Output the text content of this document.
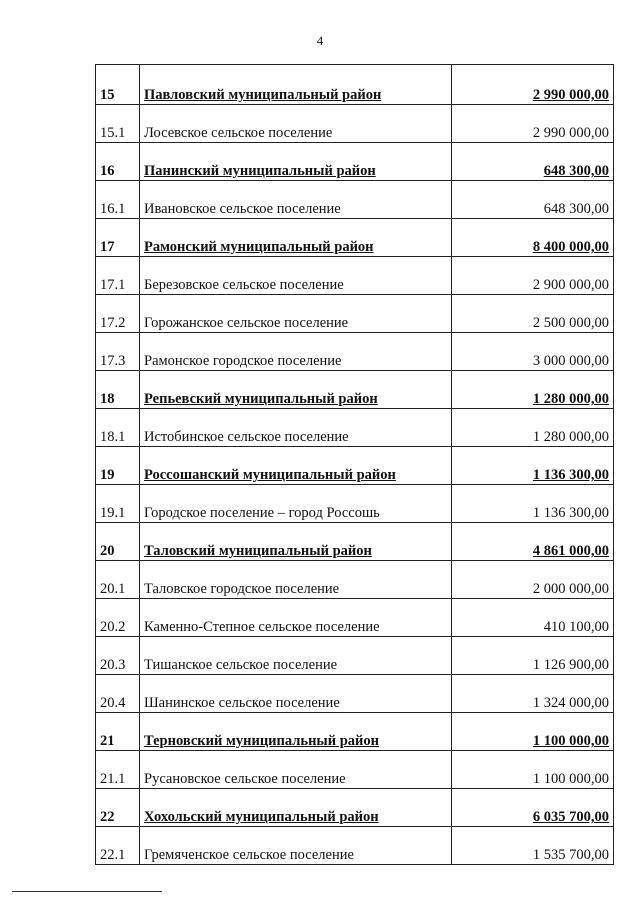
4
15	Павловский муниципальный район	2 990 000,00
15.1	Лосевское сельское поселение	2 990 000,00
16	Панинский муниципальный район	648 300,00
16.1	Ивановское сельское поселение	648 300,00
17	Рамонский муниципальный район	8 400 000,00
17.1	Березовское сельское поселение	2 900 000,00
17.2	Горожанское сельское поселение	2 500 000,00
17.3	Рамонское городское поселение	3 000 000,00
18	Репьевский муниципальный район	1 280 000,00
18.1	Истобинское сельское поселение	1 280 000,00
19	Россошанский муниципальный район	1 136 300,00
19.1	Городское поселение – город Россошь	1 136 300,00
20	Таловский муниципальный район	4 861 000,00
20.1	Таловское городское поселение	2 000 000,00
20.2	Каменно-Степное сельское поселение	410 100,00
20.3	Тишанское сельское поселение	1 126 900,00
20.4	Шанинское сельское поселение	1 324 000,00
21	Терновский муниципальный район	1 100 000,00
21.1	Русановское сельское поселение	1 100 000,00
22	Хохольский муниципальный район	6 035 700,00
22.1	Гремяченское сельское поселение	1 535 700,00
